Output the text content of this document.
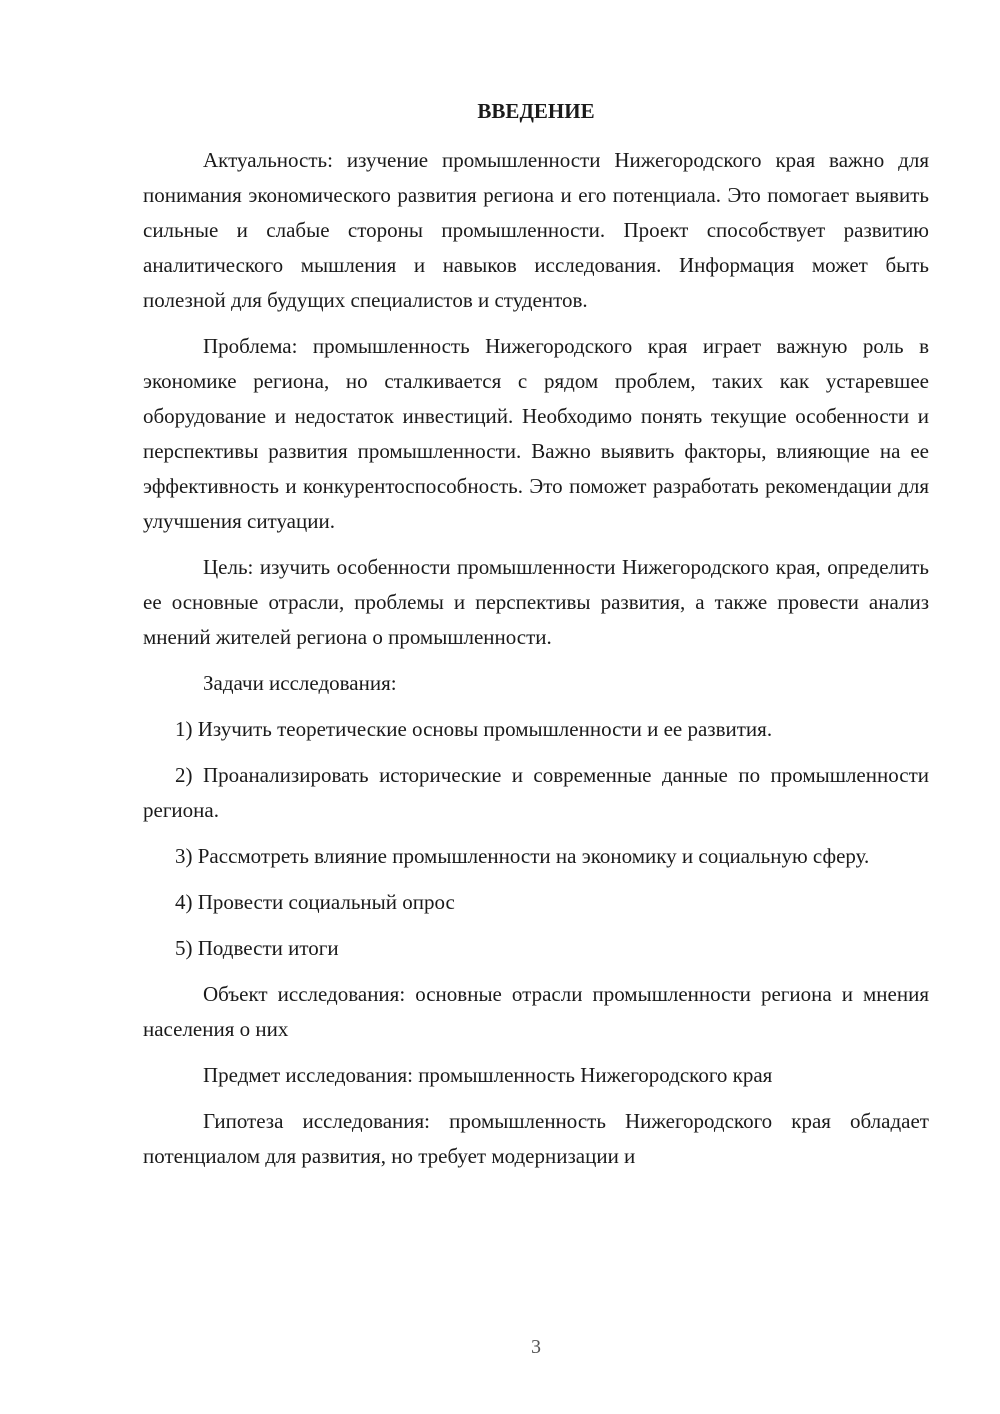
ВВЕДЕНИЕ

Актуальность: изучение промышленности Нижегородского края важно для понимания экономического развития региона и его потенциала. Это помогает выявить сильные и слабые стороны промышленности. Проект способствует развитию аналитического мышления и навыков исследования. Информация может быть полезной для будущих специалистов и студентов.

Проблема: промышленность Нижегородского края играет важную роль в экономике региона, но сталкивается с рядом проблем, таких как устаревшее оборудование и недостаток инвестиций. Необходимо понять текущие особенности и перспективы развития промышленности. Важно выявить факторы, влияющие на ее эффективность и конкурентоспособность. Это поможет разработать рекомендации для улучшения ситуации.

Цель: изучить особенности промышленности Нижегородского края, определить ее основные отрасли, проблемы и перспективы развития, а также провести анализ мнений жителей региона о промышленности.

Задачи исследования:

1) Изучить теоретические основы промышленности и ее развития.

2) Проанализировать исторические и современные данные по промышленности региона.

3) Рассмотреть влияние промышленности на экономику и социальную сферу.

4) Провести социальный опрос

5) Подвести итоги

Объект исследования: основные отрасли промышленности региона и мнения населения о них

Предмет исследования: промышленность Нижегородского края

Гипотеза исследования: промышленность Нижегородского края обладает потенциалом для развития, но требует модернизации и

3
